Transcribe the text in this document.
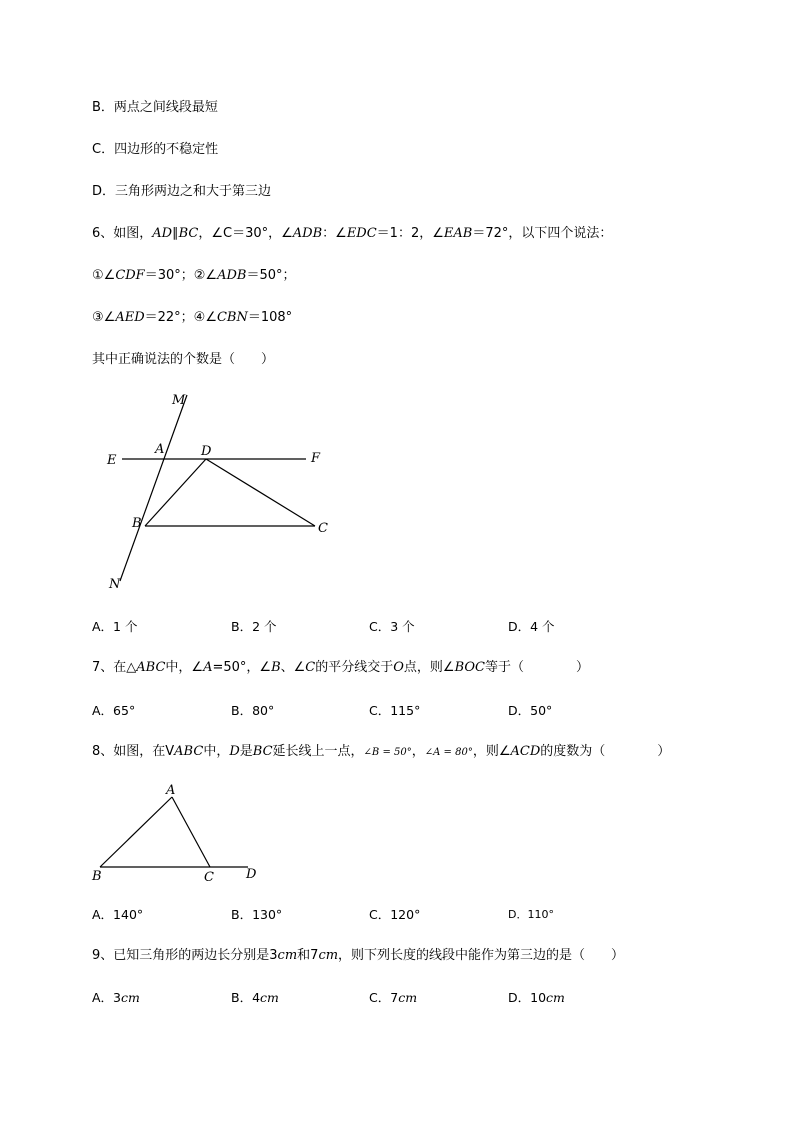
B．两点之间线段最短
C．四边形的不稳定性
D．三角形两边之和大于第三边
6、如图，AD∥BC，∠C＝30°，∠ADB：∠EDC＝1：2，∠EAB＝72°，以下四个说法：
①∠CDF＝30°；②∠ADB＝50°；
③∠AED＝22°；④∠CBN＝108°
其中正确说法的个数是（　　）
M
A	D
E	F
B	C
N
A．1 个	B．2 个	C．3 个	D．4 个
7、在△ABC中，∠A=50°，∠B、∠C的平分线交于O点，则∠BOC等于（　　　　）
A．65°	B．80°	C．115°	D．50°
8、如图，在VABC中，D是BC延长线上一点，∠B = 50°，∠A = 80°，则∠ACD的度数为（　　　　）
A
B	C D
A．140°	B．130°	C．120°	D．110°
9、已知三角形的两边长分别是3cm和7cm，则下列长度的线段中能作为第三边的是（　　）
A．3cm	B．4cm	C．7cm	D．10cm
